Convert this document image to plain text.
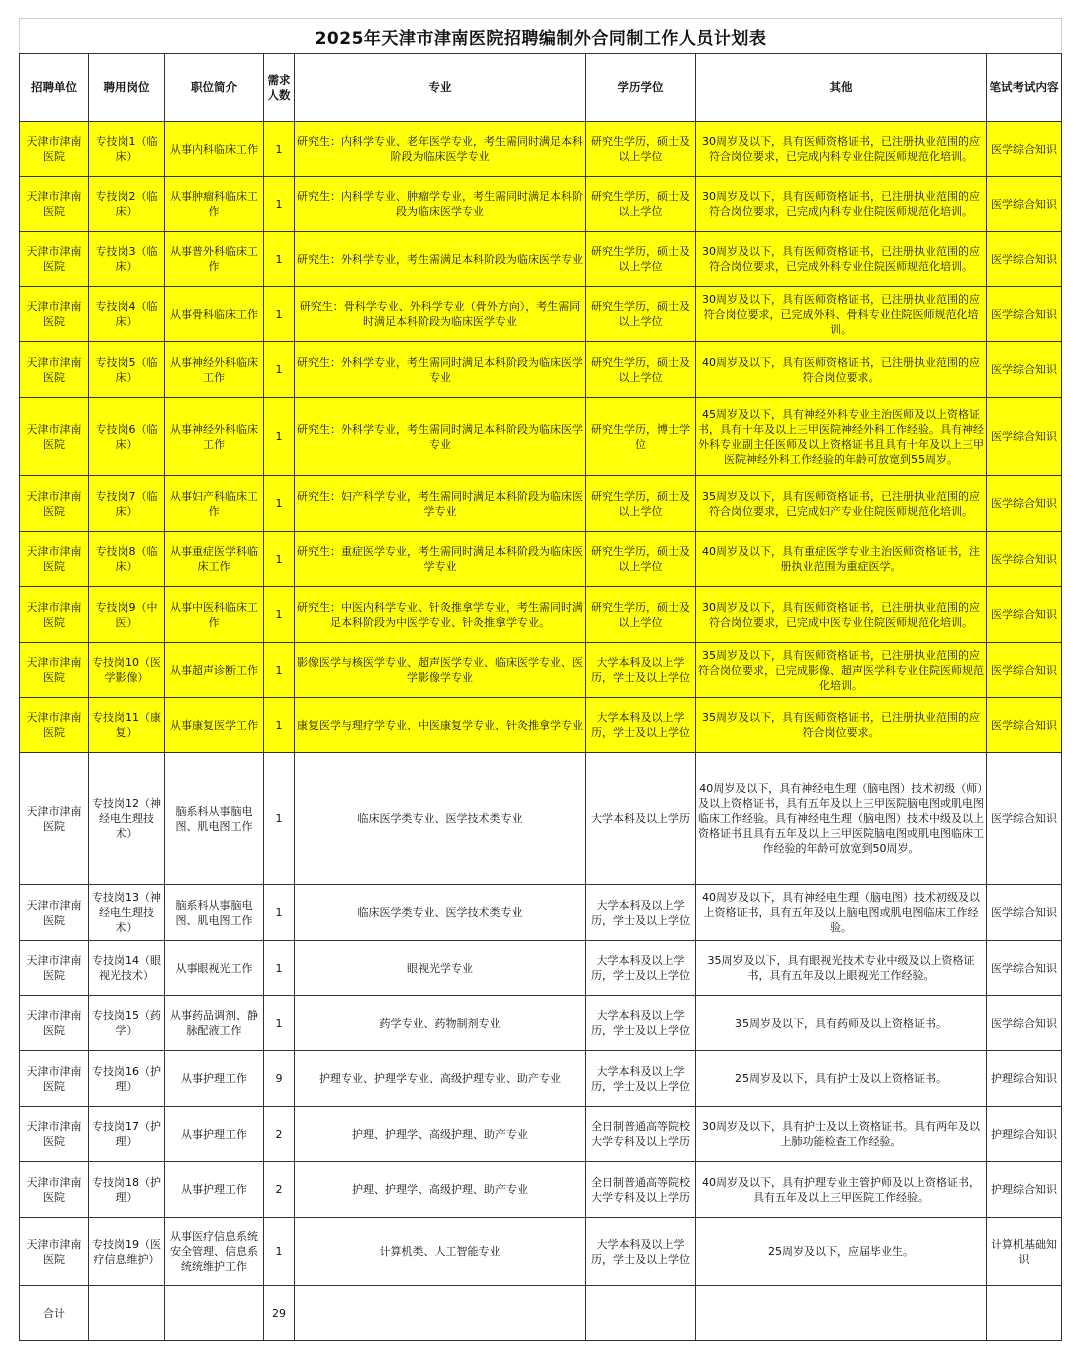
2025年天津市津南医院招聘编制外合同制工作人员计划表
招聘单位	聘用岗位	职位简介	需求人数	专业	学历学位	其他	笔试考试内容
天津市津南医院	专技岗1（临床）	从事内科临床工作	1	研究生：内科学专业、老年医学专业，考生需同时满足本科阶段为临床医学专业	研究生学历，硕士及以上学位	30周岁及以下，具有医师资格证书，已注册执业范围的应符合岗位要求，已完成内科专业住院医师规范化培训。	医学综合知识
天津市津南医院	专技岗2（临床）	从事肿瘤科临床工作	1	研究生：内科学专业、肿瘤学专业，考生需同时满足本科阶段为临床医学专业	研究生学历，硕士及以上学位	30周岁及以下，具有医师资格证书，已注册执业范围的应符合岗位要求，已完成内科专业住院医师规范化培训。	医学综合知识
天津市津南医院	专技岗3（临床）	从事普外科临床工作	1	研究生：外科学专业，考生需满足本科阶段为临床医学专业	研究生学历，硕士及以上学位	30周岁及以下，具有医师资格证书，已注册执业范围的应符合岗位要求，已完成外科专业住院医师规范化培训。	医学综合知识
天津市津南医院	专技岗4（临床）	从事骨科临床工作	1	研究生：骨科学专业、外科学专业（骨外方向），考生需同时满足本科阶段为临床医学专业	研究生学历，硕士及以上学位	30周岁及以下，具有医师资格证书，已注册执业范围的应符合岗位要求，已完成外科、骨科专业住院医师规范化培训。	医学综合知识
天津市津南医院	专技岗5（临床）	从事神经外科临床工作	1	研究生：外科学专业，考生需同时满足本科阶段为临床医学专业	研究生学历，硕士及以上学位	40周岁及以下，具有医师资格证书，已注册执业范围的应符合岗位要求。	医学综合知识
天津市津南医院	专技岗6（临床）	从事神经外科临床工作	1	研究生：外科学专业，考生需同时满足本科阶段为临床医学专业	研究生学历，博士学位	45周岁及以下，具有神经外科专业主治医师及以上资格证书，具有十年及以上三甲医院神经外科工作经验。具有神经外科专业副主任医师及以上资格证书且具有十年及以上三甲医院神经外科工作经验的年龄可放宽到55周岁。	医学综合知识
天津市津南医院	专技岗7（临床）	从事妇产科临床工作	1	研究生：妇产科学专业，考生需同时满足本科阶段为临床医学专业	研究生学历，硕士及以上学位	35周岁及以下，具有医师资格证书，已注册执业范围的应符合岗位要求，已完成妇产专业住院医师规范化培训。	医学综合知识
天津市津南医院	专技岗8（临床）	从事重症医学科临床工作	1	研究生：重症医学专业，考生需同时满足本科阶段为临床医学专业	研究生学历，硕士及以上学位	40周岁及以下，具有重症医学专业主治医师资格证书，注册执业范围为重症医学。	医学综合知识
天津市津南医院	专技岗9（中医）	从事中医科临床工作	1	研究生：中医内科学专业、针灸推拿学专业，考生需同时满足本科阶段为中医学专业、针灸推拿学专业。	研究生学历，硕士及以上学位	30周岁及以下，具有医师资格证书，已注册执业范围的应符合岗位要求，已完成中医专业住院医师规范化培训。	医学综合知识
天津市津南医院	专技岗10（医学影像）	从事超声诊断工作	1	影像医学与核医学专业、超声医学专业、临床医学专业、医学影像学专业	大学本科及以上学历，学士及以上学位	35周岁及以下，具有医师资格证书，已注册执业范围的应符合岗位要求，已完成影像、超声医学科专业住院医师规范化培训。	医学综合知识
天津市津南医院	专技岗11（康复）	从事康复医学工作	1	康复医学与理疗学专业、中医康复学专业、针灸推拿学专业	大学本科及以上学历，学士及以上学位	35周岁及以下，具有医师资格证书，已注册执业范围的应符合岗位要求。	医学综合知识
天津市津南医院	专技岗12（神经电生理技术）	脑系科从事脑电图、肌电图工作	1	临床医学类专业、医学技术类专业	大学本科及以上学历	40周岁及以下，具有神经电生理（脑电图）技术初级（师）及以上资格证书，具有五年及以上三甲医院脑电图或肌电图临床工作经验。具有神经电生理（脑电图）技术中级及以上资格证书且具有五年及以上三甲医院脑电图或肌电图临床工作经验的年龄可放宽到50周岁。	医学综合知识
天津市津南医院	专技岗13（神经电生理技术）	脑系科从事脑电图、肌电图工作	1	临床医学类专业、医学技术类专业	大学本科及以上学历，学士及以上学位	40周岁及以下，具有神经电生理（脑电图）技术初级及以上资格证书，具有五年及以上脑电图或肌电图临床工作经验。	医学综合知识
天津市津南医院	专技岗14（眼视光技术）	从事眼视光工作	1	眼视光学专业	大学本科及以上学历，学士及以上学位	35周岁及以下，具有眼视光技术专业中级及以上资格证书，具有五年及以上眼视光工作经验。	医学综合知识
天津市津南医院	专技岗15（药学）	从事药品调剂、静脉配液工作	1	药学专业、药物制剂专业	大学本科及以上学历，学士及以上学位	35周岁及以下，具有药师及以上资格证书。	医学综合知识
天津市津南医院	专技岗16（护理）	从事护理工作	9	护理专业、护理学专业、高级护理专业、助产专业	大学本科及以上学历，学士及以上学位	25周岁及以下，具有护士及以上资格证书。	护理综合知识
天津市津南医院	专技岗17（护理）	从事护理工作	2	护理、护理学、高级护理、助产专业	全日制普通高等院校大学专科及以上学历	30周岁及以下，具有护士及以上资格证书。具有两年及以上肺功能检查工作经验。	护理综合知识
天津市津南医院	专技岗18（护理）	从事护理工作	2	护理、护理学、高级护理、助产专业	全日制普通高等院校大学专科及以上学历	40周岁及以下，具有护理专业主管护师及以上资格证书，具有五年及以上三甲医院工作经验。	护理综合知识
天津市津南医院	专技岗19（医疗信息维护）	从事医疗信息系统安全管理、信息系统统维护工作	1	计算机类、人工智能专业	大学本科及以上学历，学士及以上学位	25周岁及以下，应届毕业生。	计算机基础知识
合计			29				
